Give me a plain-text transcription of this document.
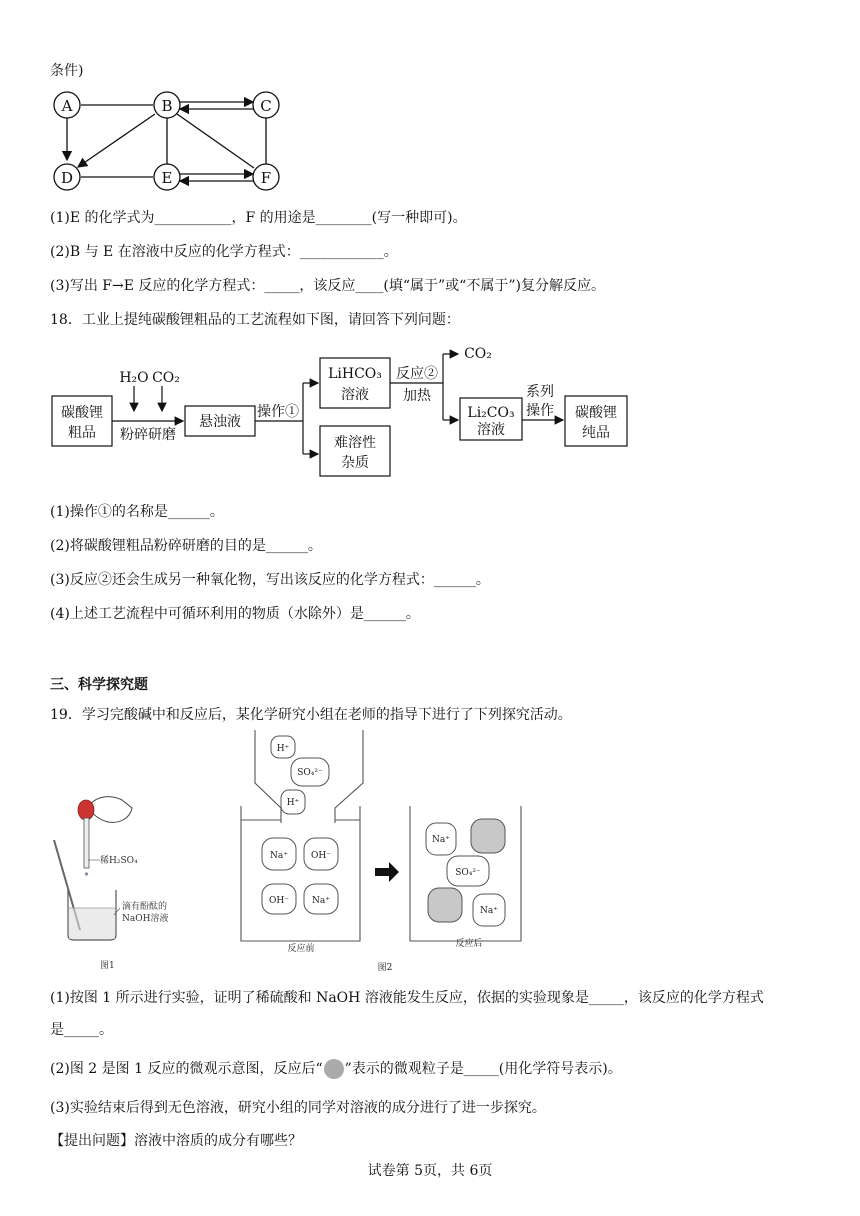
条件)
A	B	C
D	E	F
(1)E 的化学式为___________，F 的用途是________(写一种即可)。
(2)B 与 E 在溶液中反应的化学方程式：____________。
(3)写出 F→E 反应的化学方程式：_____，该反应____(填“属于”或“不属于”)复分解反应。
18．工业上提纯碳酸锂粗品的工艺流程如下图，请回答下列问题：
碳酸锂
粗品
H₂O CO₂
粉碎研磨
悬浊液
操作①
LiHCO₃
溶液
难溶性
杂质
反应②
加热
CO₂
Li₂CO₃
溶液
系列
操作 碳酸锂
纯品
(1)操作①的名称是______。
(2)将碳酸锂粗品粉碎研磨的目的是______。
(3)反应②还会生成另一种氧化物，写出该反应的化学方程式：______。
(4)上述工艺流程中可循环利用的物质（水除外）是______。
三、科学探究题
19．学习完酸碱中和反应后，某化学研究小组在老师的指导下进行了下列探究活动。
稀H₂SO₄
滴有酚酞的
NaOH溶液
图1
H⁺
SO₄²⁻
H⁺
Na⁺	OH⁻
OH⁻	Na⁺
Na⁺
SO₄²⁻
Na⁺
反应前	反应后
图2
(1)按图 1 所示进行实验，证明了稀硫酸和 NaOH 溶液能发生反应，依据的实验现象是_____，该反应的化学方程式
是_____。
(2)图 2 是图 1 反应的微观示意图，反应后“ ”表示的微观粒子是_____(用化学符号表示)。
(3)实验结束后得到无色溶液，研究小组的同学对溶液的成分进行了进一步探究。
【提出问题】溶液中溶质的成分有哪些？
试卷第 5页，共 6页
